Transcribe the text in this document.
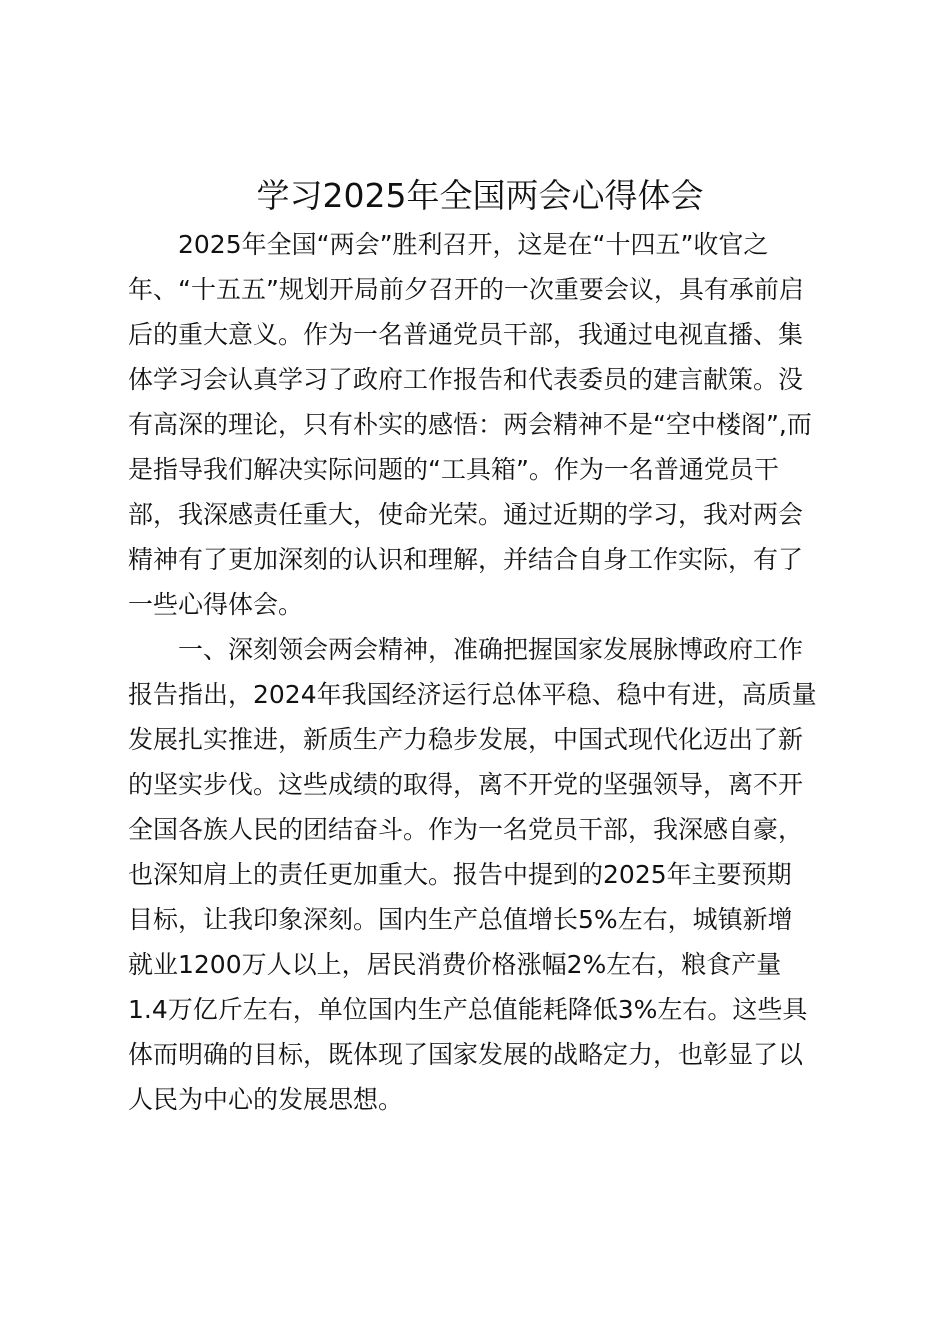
学习2025年全国两会心得体会

2025年全国“两会”胜利召开，这是在“十四五”收官之

年、“十五五”规划开局前夕召开的一次重要会议，具有承前启

后的重大意义。作为一名普通党员干部，我通过电视直播、集

体学习会认真学习了政府工作报告和代表委员的建言献策。没

有高深的理论，只有朴实的感悟：两会精神不是“空中楼阁”,而

是指导我们解决实际问题的“工具箱”。作为一名普通党员干

部，我深感责任重大，使命光荣。通过近期的学习，我对两会

精神有了更加深刻的认识和理解，并结合自身工作实际，有了

一些心得体会。

一、深刻领会两会精神，准确把握国家发展脉博政府工作

报告指出，2024年我国经济运行总体平稳、稳中有进，高质量

发展扎实推进，新质生产力稳步发展，中国式现代化迈出了新

的坚实步伐。这些成绩的取得，离不开党的坚强领导，离不开

全国各族人民的团结奋斗。作为一名党员干部，我深感自豪，

也深知肩上的责任更加重大。报告中提到的2025年主要预期

目标，让我印象深刻。国内生产总值增长5%左右，城镇新增

就业1200万人以上，居民消费价格涨幅2%左右，粮食产量

1.4万亿斤左右，单位国内生产总值能耗降低3%左右。这些具

体而明确的目标，既体现了国家发展的战略定力，也彰显了以

人民为中心的发展思想。
